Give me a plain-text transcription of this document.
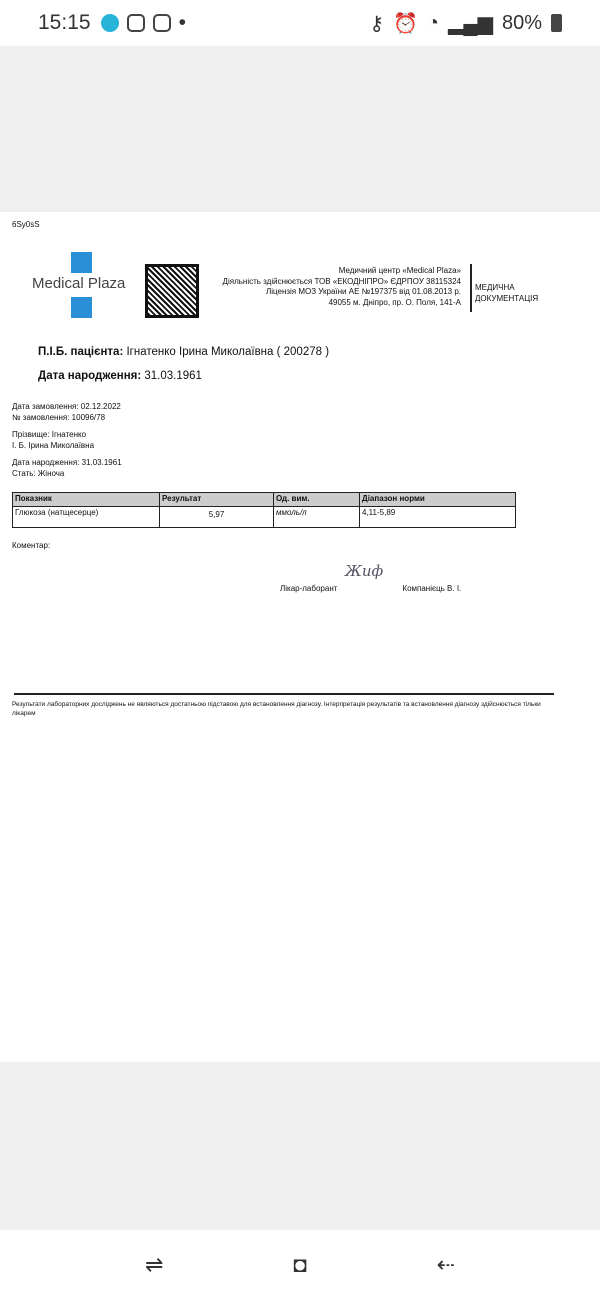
15:15	•	⚷ ⏰ ◔ ▂▄▆ 80%
6Sy0sS
Medical Plaza
Медичний центр «Medical Plaza»
Діяльність здійснюється ТОВ «ЕКОДНІПРО» ЄДРПОУ 38115324
Ліцензія МОЗ України АЕ №197375 від 01.08.2013 р.
49055 м. Дніпро, пр. О. Поля, 141-А
МЕДИЧНА
ДОКУМЕНТАЦІЯ
П.І.Б. пацієнта: Ігнатенко Ірина Миколаївна ( 200278 )
Дата народження: 31.03.1961
Дата замовлення: 02.12.2022
№ замовлення: 10096/78
Прізвище: Ігнатенко
І. Б. Ірина Миколаївна
Дата народження: 31.03.1961
Стать: Жіноча
Показник	Результат	Од. вим.	Діапазон норми
Глюкоза (натщесерце)	5,97	ммоль/л	4,11-5,89
Коментар:
Лікар-лаборант
Жиф
Компанієць В. І.
Результати лабораторних досліджень не являються достатньою підставою для встановлення діагнозу. Інтерпретація результатів та встановлення діагнозу здійснюється тільки лікарем
⇌	◘	⇠
